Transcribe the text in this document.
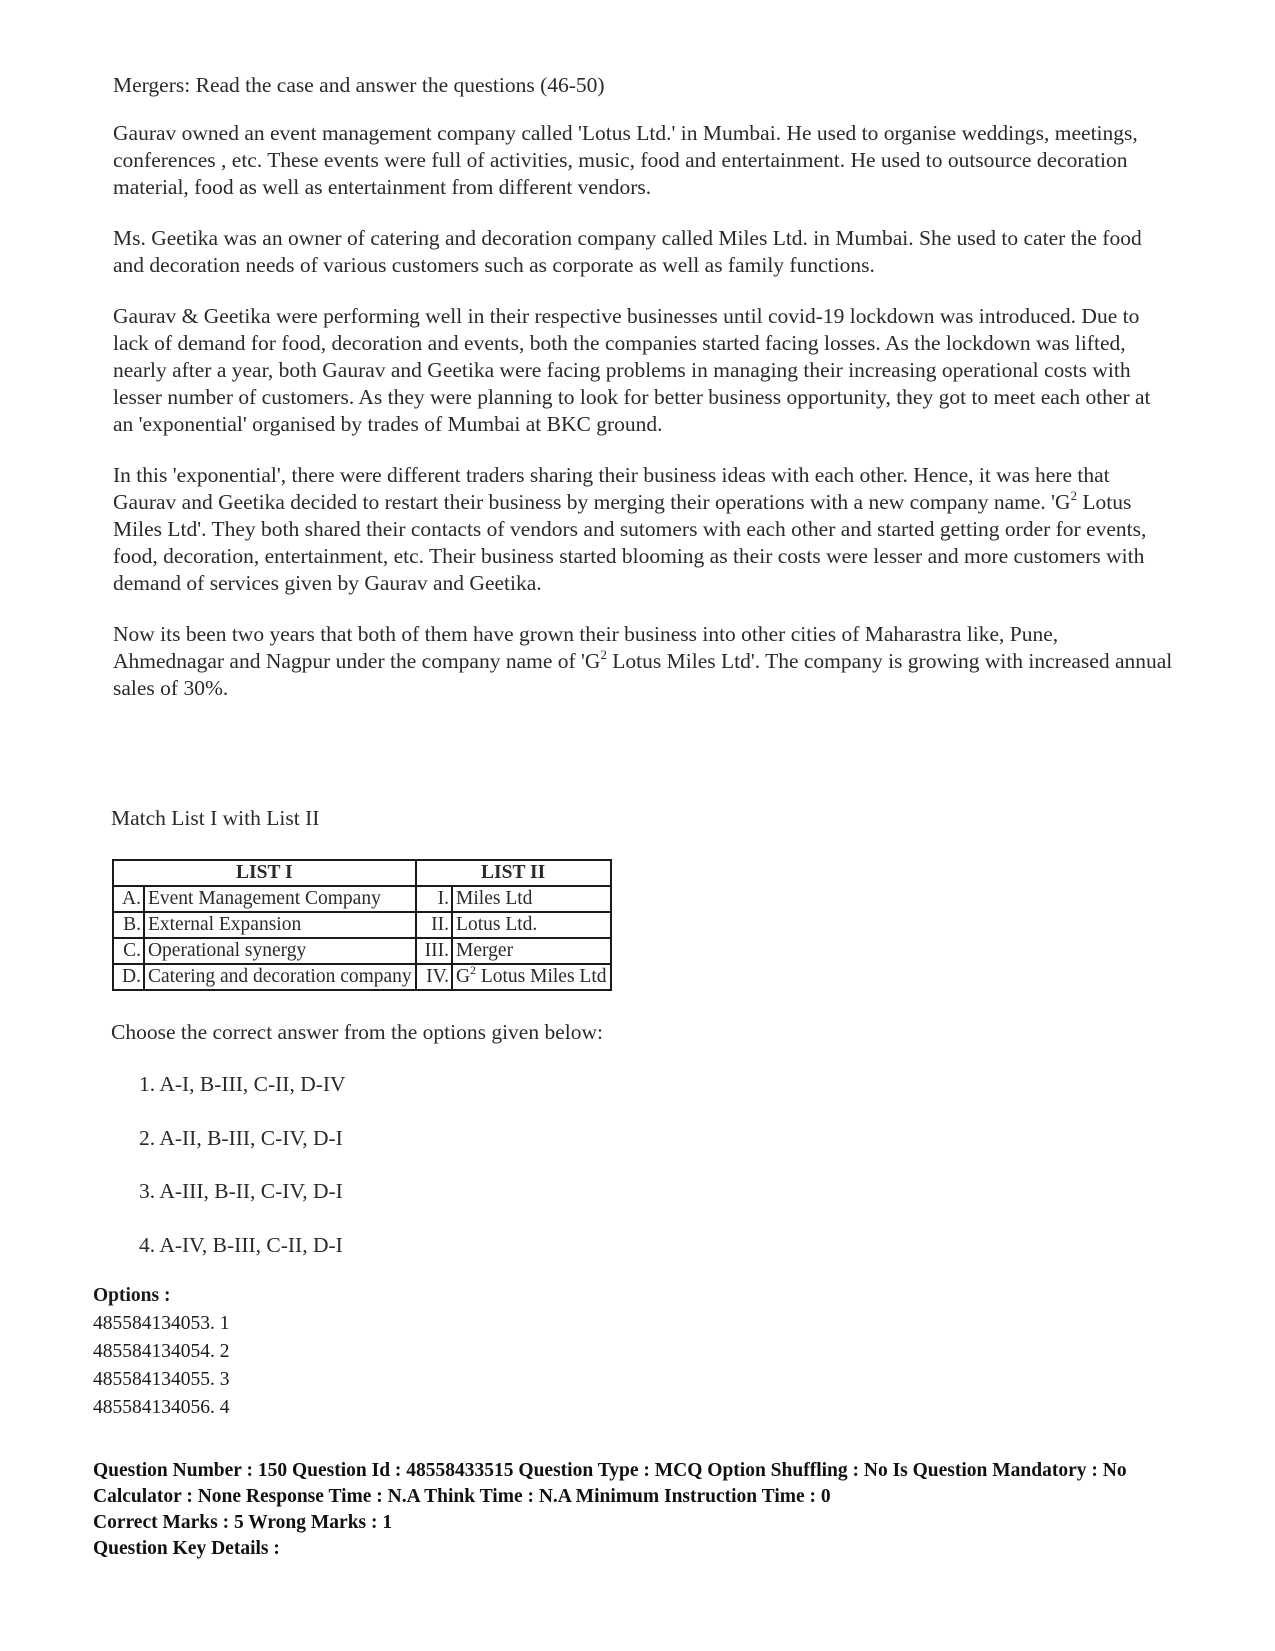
Mergers: Read the case and answer the questions (46-50)

Gaurav owned an event management company called 'Lotus Ltd.' in Mumbai. He used to organise weddings, meetings, conferences , etc. These events were full of activities, music, food and entertainment. He used to outsource decoration material, food as well as entertainment from different vendors.

Ms. Geetika was an owner of catering and decoration company called Miles Ltd. in Mumbai. She used to cater the food and decoration needs of various customers such as corporate as well as family functions.

Gaurav & Geetika were performing well in their respective businesses until covid-19 lockdown was introduced. Due to lack of demand for food, decoration and events, both the companies started facing losses. As the lockdown was lifted, nearly after a year, both Gaurav and Geetika were facing problems in managing their increasing operational costs with lesser number of customers. As they were planning to look for better business opportunity, they got to meet each other at an 'exponential' organised by trades of Mumbai at BKC ground.

In this 'exponential', there were different traders sharing their business ideas with each other. Hence, it was here that Gaurav and Geetika decided to restart their business by merging their operations with a new company name. '$G^2$ Lotus Miles Ltd'. They both shared their contacts of vendors and sutomers with each other and started getting order for events, food, decoration, entertainment, etc. Their business started blooming as their costs were lesser and more customers with demand of services given by Gaurav and Geetika.

Now its been two years that both of them have grown their business into other cities of Maharastra like, Pune, Ahmednagar and Nagpur under the company name of '$G^2$ Lotus Miles Ltd'. The company is growing with increased annual sales of 30%.

Match List I with List II
LIST I		LIST II	
A.	Event Management Company	I.	Miles Ltd
B.	External Expansion	II.	Lotus Ltd.
C.	Operational synergy	III.	Merger
D.	Catering and decoration company	IV.	$G^2$ Lotus Miles Ltd
Choose the correct answer from the options given below:
1. A-I, B-III, C-II, D-IV
2. A-II, B-III, C-IV, D-I
3. A-III, B-II, C-IV, D-I
4. A-IV, B-III, C-II, D-I
Options :
485584134053. 1
485584134054. 2
485584134055. 3
485584134056. 4
Question Number : 150 Question Id : 48558433515 Question Type : MCQ Option Shuffling : No Is Question Mandatory : No Calculator : None Response Time : N.A Think Time : N.A Minimum Instruction Time : 0
Correct Marks : 5 Wrong Marks : 1
Question Key Details :
